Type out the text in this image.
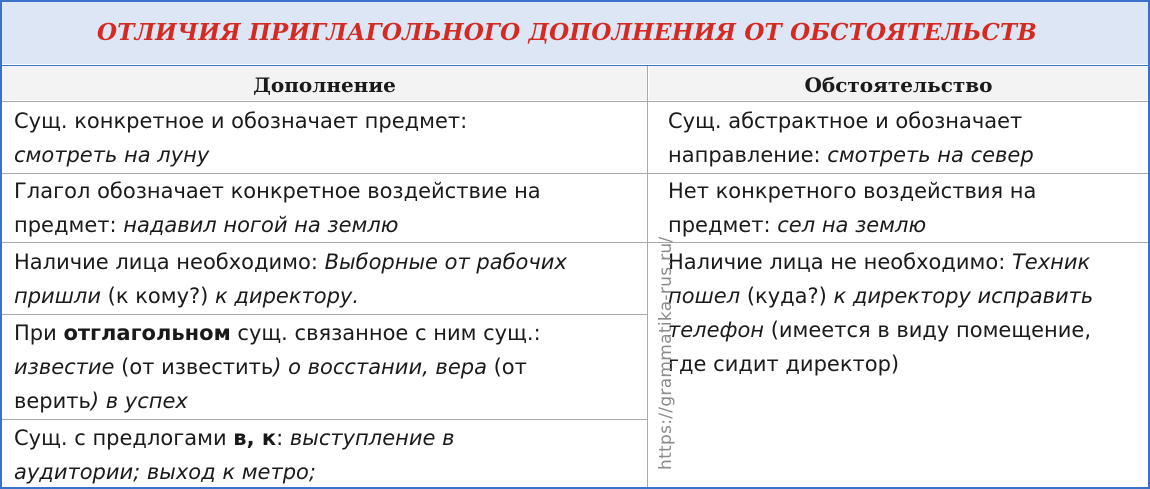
ОТЛИЧИЯ ПРИГЛАГОЛЬНОГО ДОПОЛНЕНИЯ ОТ ОБСТОЯТЕЛЬСТВ
Дополнение	Обстоятельство
Сущ. конкретное и обозначает предмет:
смотреть на луну
Сущ. абстрактное и обозначает
направление: смотреть на север
Глагол обозначает конкретное воздействие на
предмет: надавил ногой на землю
Нет конкретного воздействия на
предмет: сел на землю
Наличие лица необходимо: Выборные от рабочих
пришли (к кому?) к директору.
Наличие лица не необходимо: Техник
пошел (куда?) к директору исправить
телефон (имеется в виду помещение,
где сидит директор)
При отглагольном сущ. связанное с ним сущ.:
известие (от известить) о восстании, вера (от
верить) в успех
Сущ. с предлогами в, к: выступление в
аудитории; выход к метро;
https://grammatika-rus.ru/
